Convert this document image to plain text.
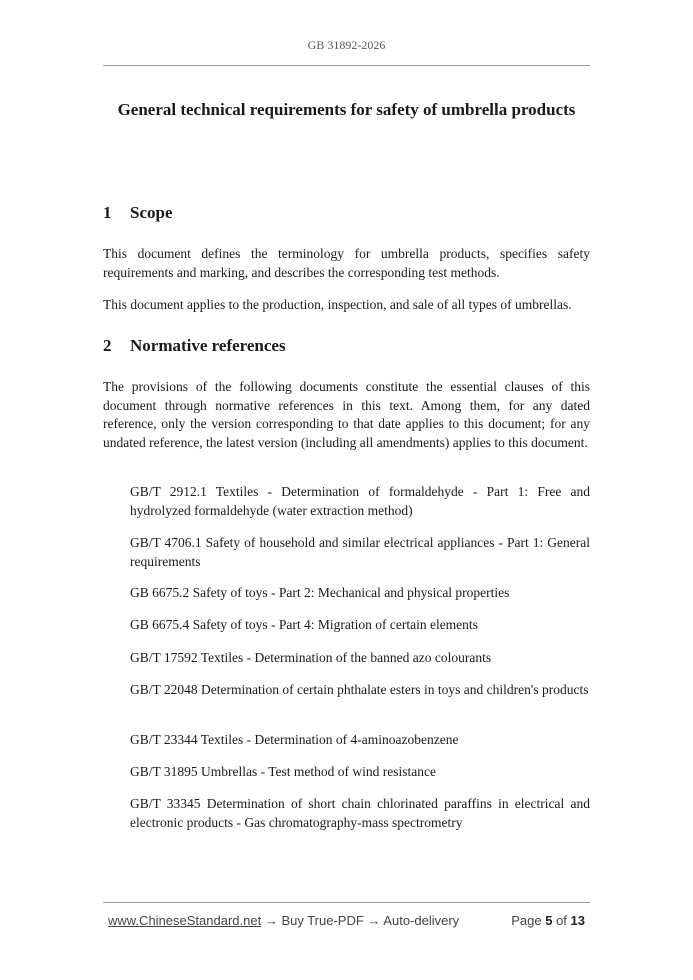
GB 31892-2026
General technical requirements for safety of umbrella products
1 Scope

This document defines the terminology for umbrella products, specifies safety requirements and marking, and describes the corresponding test methods.

This document applies to the production, inspection, and sale of all types of umbrellas.

2 Normative references

The provisions of the following documents constitute the essential clauses of this document through normative references in this text. Among them, for any dated reference, only the version corresponding to that date applies to this document; for any undated reference, the latest version (including all amendments) applies to this document.

GB/T 2912.1 Textiles - Determination of formaldehyde - Part 1: Free and hydrolyzed formaldehyde (water extraction method)

GB/T 4706.1 Safety of household and similar electrical appliances - Part 1: General requirements

GB 6675.2 Safety of toys - Part 2: Mechanical and physical properties

GB 6675.4 Safety of toys - Part 4: Migration of certain elements

GB/T 17592 Textiles - Determination of the banned azo colourants

GB/T 22048 Determination of certain phthalate esters in toys and children's products

GB/T 23344 Textiles - Determination of 4-aminoazobenzene

GB/T 31895 Umbrellas - Test method of wind resistance

GB/T 33345 Determination of short chain chlorinated paraffins in electrical and electronic products - Gas chromatography-mass spectrometry

www.ChineseStandard.net → Buy True-PDF → Auto-delivery	Page 5 of 13
